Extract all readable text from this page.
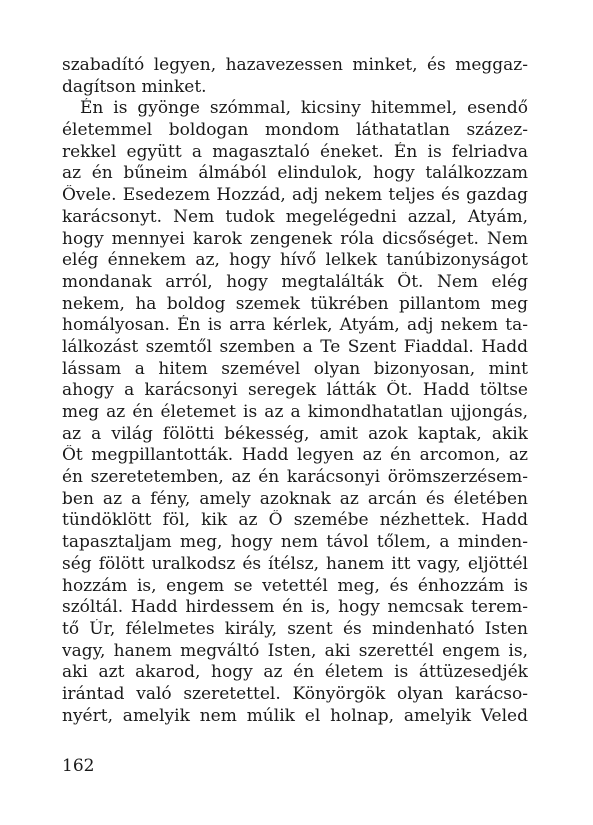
szabadító legyen, hazavezessen minket, és meggaz-
dagítson minket.
Én is gyönge szómmal, kicsiny hitemmel, esendő
életemmel boldogan mondom láthatatlan százez-
rekkel együtt a magasztaló éneket. Én is felriadva
az én bűneim álmából elindulok, hogy találkozzam
Ővele. Esedezem Hozzád, adj nekem teljes és gazdag
karácsonyt. Nem tudok megelégedni azzal, Atyám,
hogy mennyei karok zengenek róla dicsőséget. Nem
elég énnekem az, hogy hívő lelkek tanúbizonyságot
mondanak arról, hogy megtalálták Őt. Nem elég
nekem, ha boldog szemek tükrében pillantom meg
homályosan. Én is arra kérlek, Atyám, adj nekem ta-
lálkozást szemtől szemben a Te Szent Fiaddal. Hadd
lássam a hitem szemével olyan bizonyosan, mint
ahogy a karácsonyi seregek látták Őt. Hadd töltse
meg az én életemet is az a kimondhatatlan ujjongás,
az a világ fölötti békesség, amit azok kaptak, akik
Őt megpillantották. Hadd legyen az én arcomon, az
én szeretetemben, az én karácsonyi örömszerzésem-
ben az a fény, amely azoknak az arcán és életében
tündöklött föl, kik az Ő szemébe nézhettek. Hadd
tapasztaljam meg, hogy nem távol tőlem, a minden-
ség fölött uralkodsz és ítélsz, hanem itt vagy, eljöttél
hozzám is, engem se vetettél meg, és énhozzám is
szóltál. Hadd hirdessem én is, hogy nemcsak terem-
tő Úr, félelmetes király, szent és mindenható Isten
vagy, hanem megváltó Isten, aki szerettél engem is,
aki azt akarod, hogy az én életem is áttüzesedjék
irántad való szeretettel. Könyörgök olyan karácso-
nyért, amelyik nem múlik el holnap, amelyik Veled
162
